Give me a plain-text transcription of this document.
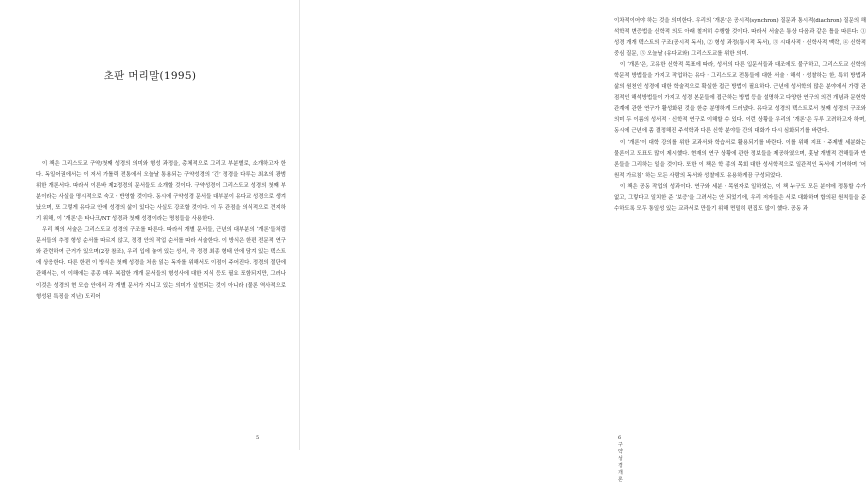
초판 머리말(1995)

이 책은 그리스도교 구약/첫째 성경의 의미와 형성 과정을, 총체적으로 그리고 부분별로, 소개하고자 한다. 독일어권에서는 이 저서 가톨릭 전통에서 오늘날 통용되는 구약성경의 ‘긴’ 정경을 다루는 최초의 광범위한 개론서다. 따라서 이른바 제2정경의 문서들도 소개할 것이다. 구약성경이 그리스도교 성경의 첫째 부분이라는 사실을 명시적으로 숙고 · 반영할 것이다. 동시에 구약성경 문서들 대부분이 유다교 성경으로 생겨났으며, 또 그렇게 유다교 안에 성경의 삶이 있다는 사실도 강조할 것이다. 이 두 관점을 의식적으로 견지하기 위해, 이 ‘개론’은 타나크/NT 성경과 첫째 성경이라는 명칭들을 사용한다.

우리 책의 서술은 그리스도교 성경의 구조를 따른다. 따라서 개별 문서들, 근년의 대부분의 ‘개론’들처럼 문서들의 추정 형성 순서를 따르지 않고, 정경 안의 작업 순서를 따라 서술한다. 이 방식은 한편 전문적 연구와 관련하여 근거가 있으며(2장 참조), 우리 입에 놓여 있는 성서, 즉 정경 최종 형태 안에 담겨 있는 텍스트에 상응한다. 다른 한편 이 방식은 첫째 성경을 처음 읽는 독자를 위해서도 이점이 주어진다. 정경의 절단에 관해서는, 이 이해에는 종종 매우 복잡한 개개 문서들의 형성사에 대한 지식 등도 필요 포함되지만, 그러나 이것은 성경의 현 모습 안에서 각 개별 문서가 지니고 있는 의미가 실현되는 것이 아니라 (물론 역사적으로 형성된 특징을 지닌) 도리어

5

이차적이어야 하는 것을 의미한다. 우리의 ‘개론’은 공시적(synchron) 질문과 통시적(diachron) 질문의 해석학적 변증법을 신학적 의도 아래 철저히 수행할 것이다. 따라서 서술은 통상 다음과 같은 틀을 따른다: ① 성경 개개 텍스트의 구조(공시적 독서), ② 형성 과정(통시적 독서), ③ 시대사적 · 신학사적 맥락, ④ 신학적 중심 질문, ⑤ 오늘날 (유다교와) 그리스도교를 위한 의미.

이 ‘개론’은, 고유한 신학적 목표에 따라, 성서의 다른 입문서들과 대조에도 불구하고, 그리스도교 신학의 학문적 방법들을 가지고 작업하는 유다 · 그리스도교 전통들에 대한 서술 · 해석 · 성찰하는 한, 특히 방법과 삶의 원천인 성경에 대한 학술적으로 확실한 접근 방법이 필요하다. 근년에 성서학의 많은 분야에서 가령 관점적인 해석방법들이 가지고 성경 본문들에 접근하는 방법 등을 설명하고 다양한 연구의 의견 개념과 문헌학 관계에 관한 연구가 활성화된 것을 한층 분명하게 드러냈다. 유다교 성경의 텍스트로서 첫째 성경의 구조와 의미 두 이름의 성서적 · 신학적 연구로 이해할 수 있다. 이런 상황을 우리의 ‘개론’은 두루 고려하고자 하며, 동시에 근년에 좀 결정해진 주석학과 다른 신학 분야들 간의 대화가 다시 심화되기를 바란다.

이 ‘개론’이 대학 강의를 위한 교과서와 학습서로 활용되기를 바란다. 이를 위해 지표 · 주제별 세분화는 물론이고 도표도 많이 제시했다. 현재의 연구 상황에 관한 정보들을 제공하였으며, 훗날 개별적 견해들과 반론들을 그리하는 일을 것이다. 또한 이 책은 학 종의 목회 대한 성서학적으로 일관적인 독서에 기여하며 ‘어원적 가르침’ 하는 모든 사람의 독서와 성찰에도 유용하게끔 구성되었다.

이 책은 공동 작업의 성과이다. 연구와 세분 · 목원자로 일하였는, 이 책 누구도 모든 분야에 정통할 수가 없고, 그렇다고 일치한 준 ‘보증’을 그려서는 안 되었기에, 우리 저자들은 서로 대화하며 합의된 원칙들을 준수하도록 모두 통일성 있는 교과서로 만들기 위해 면밀히 편집도 많이 했다. 공동 과

6 구약성경 개론
